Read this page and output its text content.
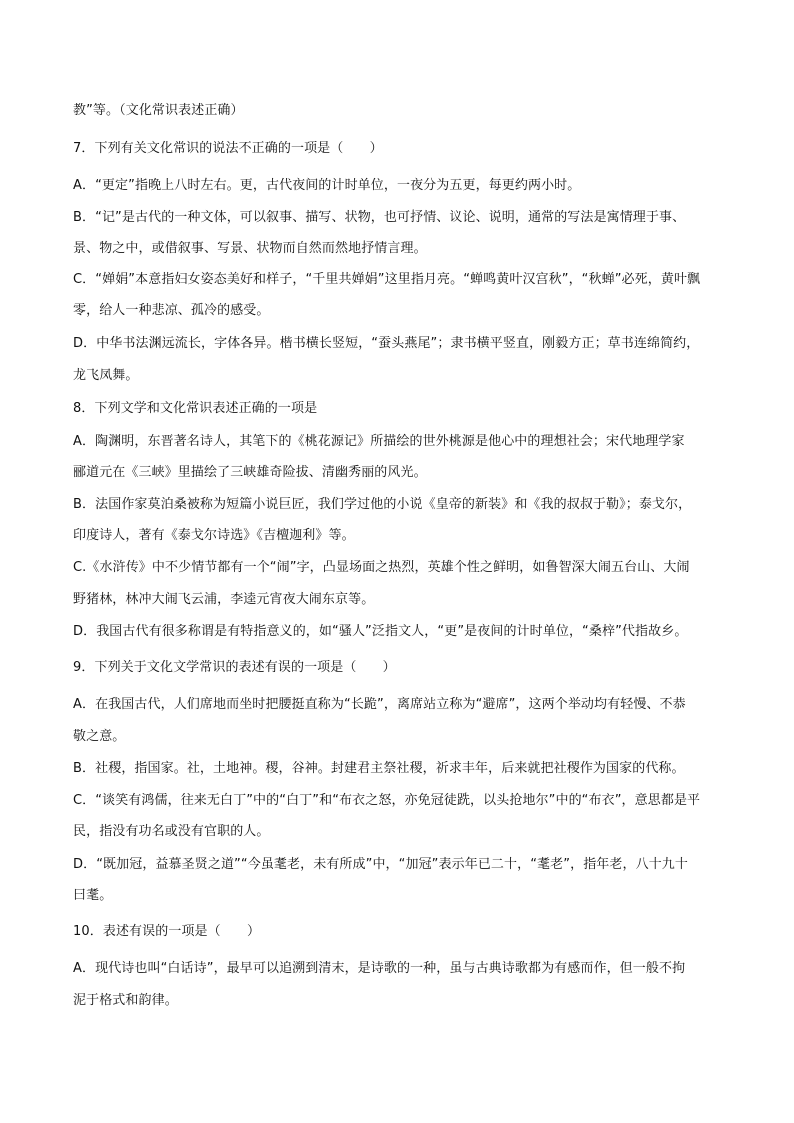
教”等。（文化常识表述正确）
7．下列有关文化常识的说法不正确的一项是（　　）
A．“更定”指晚上八时左右。更，古代夜间的计时单位，一夜分为五更，每更约两小时。
B．“记”是古代的一种文体，可以叙事、描写、状物，也可抒情、议论、说明，通常的写法是寓情理于事、
景、物之中，或借叙事、写景、状物而自然而然地抒情言理。
C．“婵娟”本意指妇女姿态美好和样子，“千里共婵娟”这里指月亮。“蝉鸣黄叶汉宫秋”，“秋蝉”必死，黄叶飘
零，给人一种悲凉、孤冷的感受。
D．中华书法渊远流长，字体各异。楷书横长竖短，“蚕头燕尾”；隶书横平竖直，刚毅方正；草书连绵简约，
龙飞凤舞。
8．下列文学和文化常识表述正确的一项是
A．陶渊明，东晋著名诗人，其笔下的《桃花源记》所描绘的世外桃源是他心中的理想社会；宋代地理学家
郦道元在《三峡》里描绘了三峡雄奇险拔、清幽秀丽的风光。
B．法国作家莫泊桑被称为短篇小说巨匠，我们学过他的小说《皇帝的新装》和《我的叔叔于勒》；泰戈尔，
印度诗人，著有《泰戈尔诗选》《吉檀迦利》等。
C.《水浒传》中不少情节都有一个“闹”字，凸显场面之热烈，英雄个性之鲜明，如鲁智深大闹五台山、大闹
野猪林，林冲大闹飞云浦，李逵元宵夜大闹东京等。
D．我国古代有很多称谓是有特指意义的，如“骚人”泛指文人，“更”是夜间的计时单位，“桑梓”代指故乡。
9．下列关于文化文学常识的表述有误的一项是（　　）
A．在我国古代，人们席地而坐时把腰挺直称为“长跪”，离席站立称为“避席”，这两个举动均有轻慢、不恭
敬之意。
B．社稷，指国家。社，土地神。稷，谷神。封建君主祭社稷，祈求丰年，后来就把社稷作为国家的代称。
C．“谈笑有鸿儒，往来无白丁”中的“白丁”和“布衣之怒，亦免冠徒跣，以头抢地尔”中的“布衣”，意思都是平
民，指没有功名或没有官职的人。
D．“既加冠，益慕圣贤之道”“今虽耄老，未有所成”中，“加冠”表示年已二十，“耄老”，指年老，八十九十
曰耄。
10．表述有误的一项是（　　）
A．现代诗也叫“白话诗”，最早可以追溯到清末，是诗歌的一种，虽与古典诗歌都为有感而作，但一般不拘
泥于格式和韵律。
